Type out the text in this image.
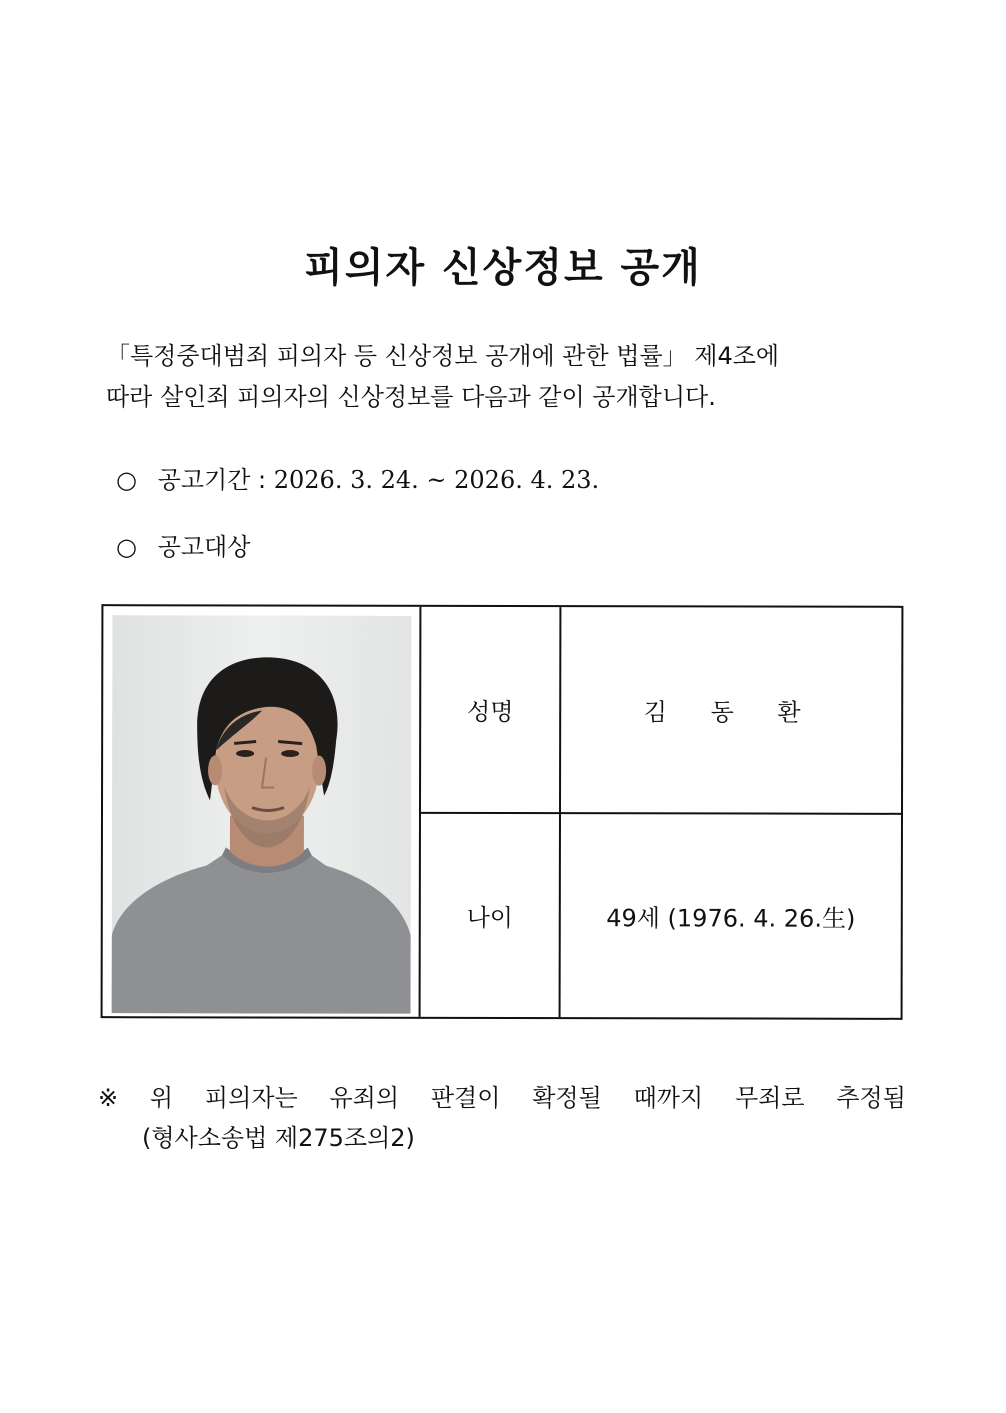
피의자 신상정보 공개
「특정중대범죄 피의자 등 신상정보 공개에 관한 법률」 제4조에
따라 살인죄 피의자의 신상정보를 다음과 같이 공개합니다.
○ 공고기간 : 2026. 3. 24. ~ 2026. 4. 23.
○ 공고대상
성명	김 동 환
나이	49세 (1976. 4. 26.生)
※ 위 피의자는 유죄의 판결이 확정될 때까지 무죄로 추정됨
(형사소송법 제275조의2)
